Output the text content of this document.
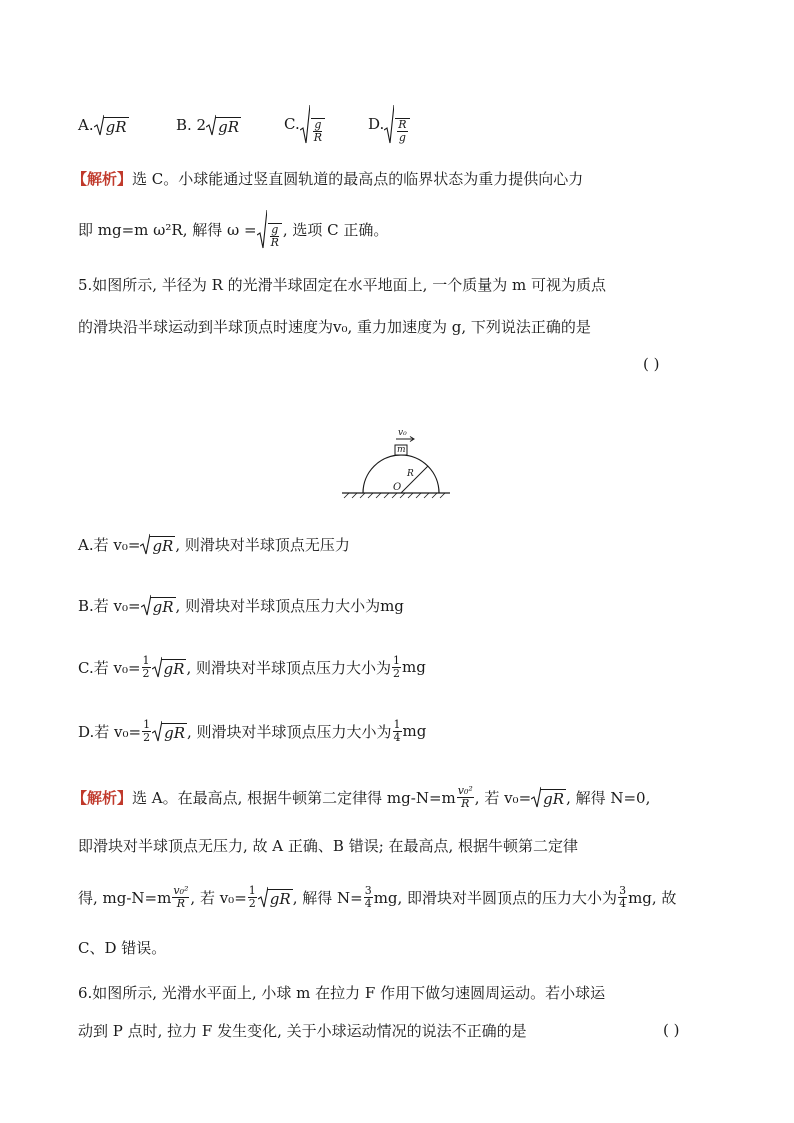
A. gR	B. 2 gR	C. $\frac{g}{R}$	D. $\frac{R}{g}$
【解析】 选 C。小球能通过竖直圆轨道的最高点的临界状态为重力提供向心力
即 mg=m ω²R, 解得 $\omega = \frac{g}{R}$ , 选项 C 正确。
5.如图所示, 半径为 R 的光滑半球固定在水平地面上, 一个质量为 m 可视为质点
的滑块沿半球运动到半球顶点时速度为v₀, 重力加速度为 g, 下列说法正确的是
( )
v₀
m
R
O
A.若 v₀= gR , 则滑块对半球顶点无压力
B.若 v₀= gR , 则滑块对半球顶点压力大小为mg
C.若 $v_0= \frac{1}{2}$ gR , 则滑块对半球顶点压力大小为 $\frac{1}{2}$ mg
D.若 $v_0= \frac{1}{2}$ gR , 则滑块对半球顶点压力大小为 $\frac{1}{4}$ mg
【解析】 选 A。在最高点, 根据牛顿第二定律得 $mg-N=m \frac{\text{v₀²}}{R}$ , 若 v₀= gR , 解得 N=0,
即滑块对半球顶点无压力, 故 A 正确、B 错误; 在最高点, 根据牛顿第二定律
得, $mg-N=m \frac{\text{v₀²}}{R}$ , 若 $v_0= \frac{1}{2}$ gR , 解得 $N= \frac{3}{4}$ mg, 即滑块对半圆顶点的压力大小为 $\frac{3}{4}$ mg, 故
C、D 错误。
6.如图所示, 光滑水平面上, 小球 m 在拉力 F 作用下做匀速圆周运动。若小球运
动到 P 点时, 拉力 F 发生变化, 关于小球运动情况的说法不正确的是	( )
